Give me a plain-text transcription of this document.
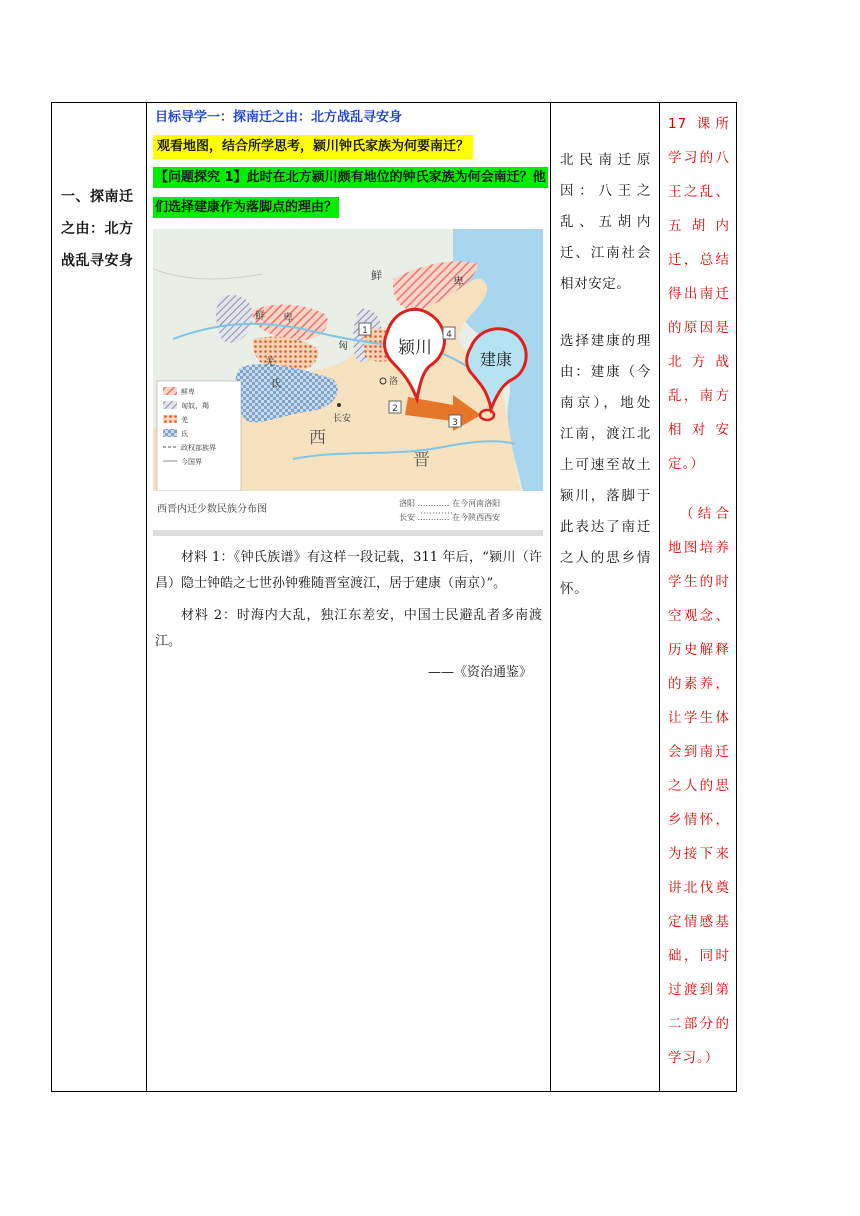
一、探南迁之由：北方战乱寻安身

目标导学一：探南迁之由：北方战乱寻安身
观看地图，结合所学思考，颍川钟氏家族为何要南迁？
【问题探究 1】此时在北方颍川颇有地位的钟氏家族为何会南迁？他们选择建康作为落脚点的理由？
鲜	卑
鲜 卑
匈
羌
氐	洛
长安
西
晋
1
2
3
4
鲜卑
匈奴、羯
羌
氐
政权部族界
今国界
颍川
建康
西晋内迁少数民族分布图
洛阳 ………… 在今河南洛阳
长安 ………… 在今陕西西安
材料 1：《钟氏族谱》有这样一段记载，311 年后，“颍川（许昌）隐士钟皓之七世孙钟雅随晋室渡江，居于建康（南京）”。
材料 2：时海内大乱，独江东差安，中国士民避乱者多南渡江。
——《资治通鉴》

北民南迁原因：八王之乱、五胡内迁、江南社会相对安定。

选择建康的理由：建康（今南京），地处江南，渡江北上可速至故土颍川，落脚于此表达了南迁之人的思乡情怀。

17 课所学习的八王之乱、五胡内迁，总结得出南迁的原因是北方战乱，南方相对安定。）

（结合地图培养学生的时空观念、历史解释的素养，让学生体会到南迁之人的思乡情怀，为接下来讲北伐奠定情感基础，同时过渡到第二部分的学习。）
